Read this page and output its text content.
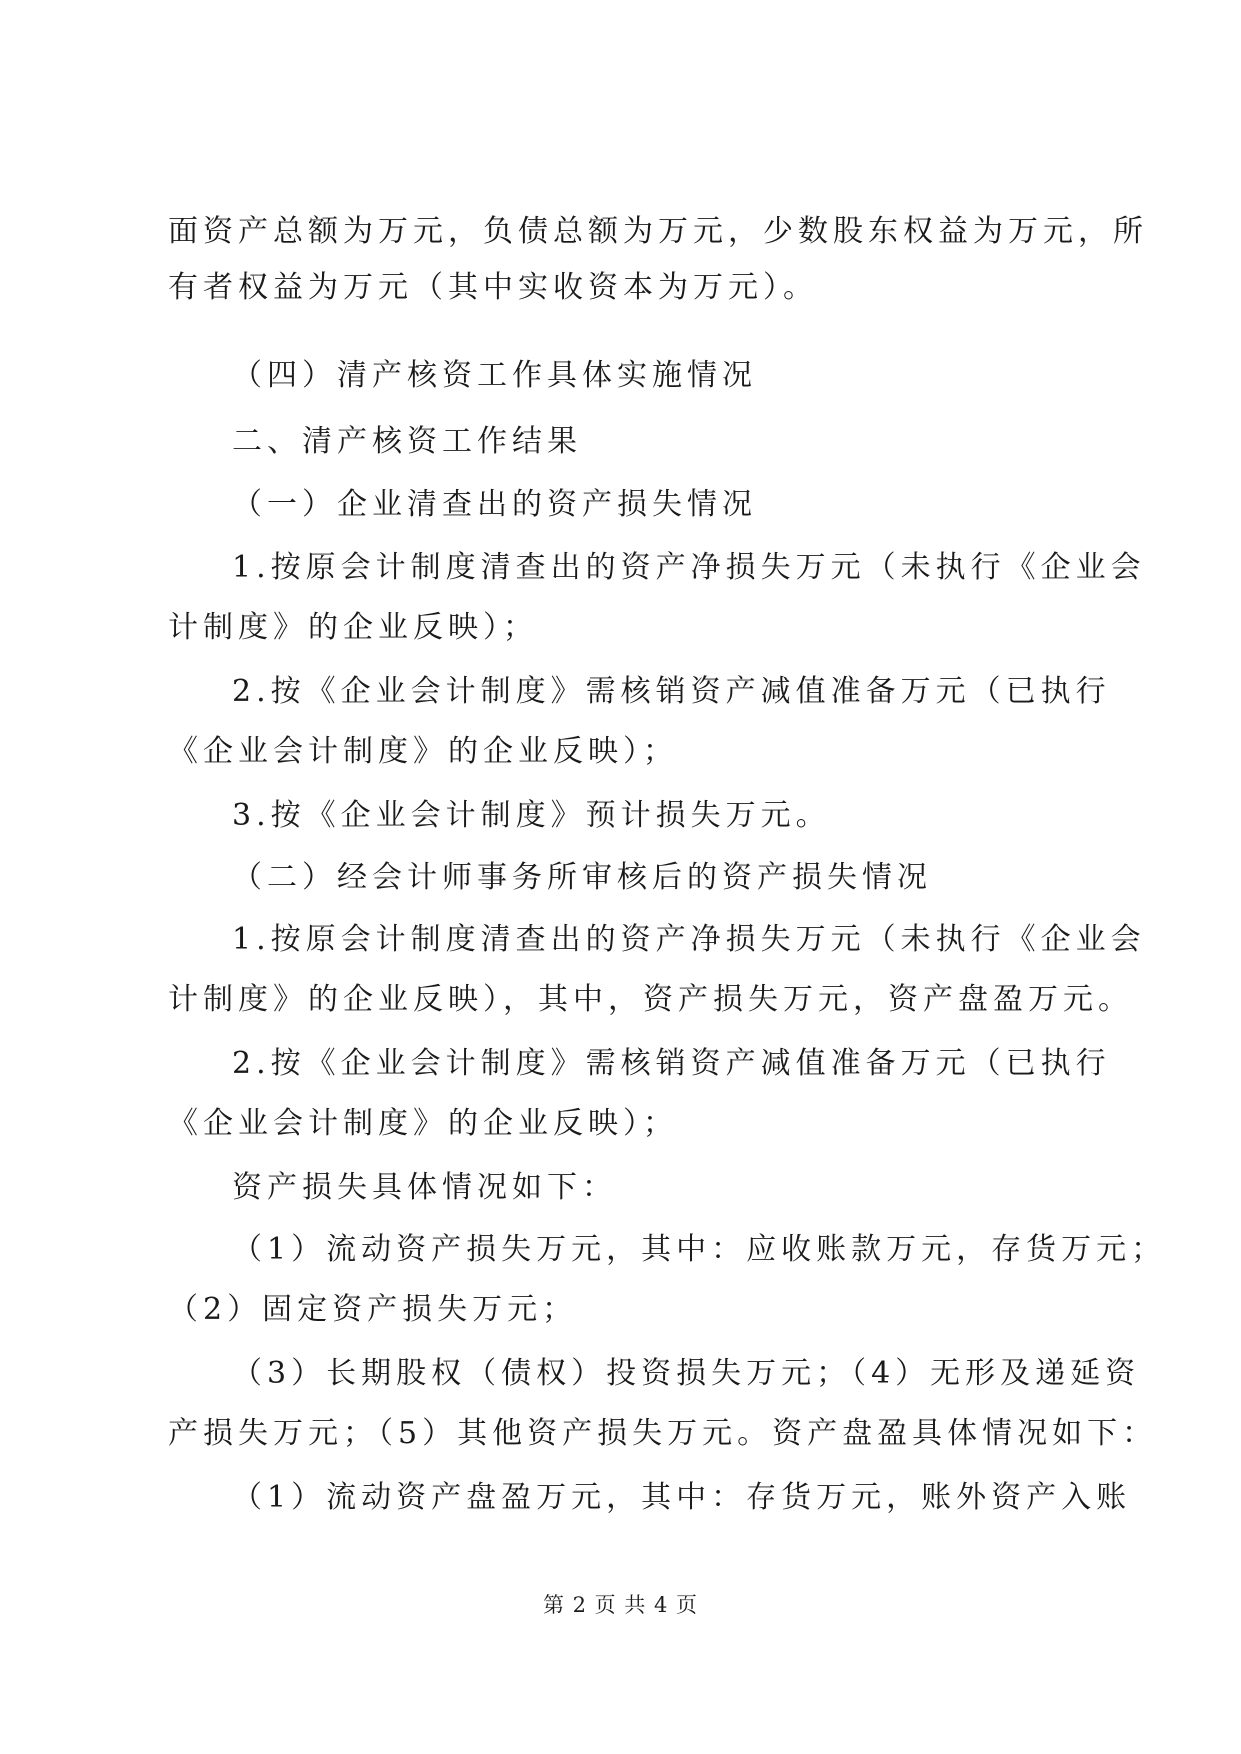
面资产总额为万元，负债总额为万元，少数股东权益为万元，所
有者权益为万元（其中实收资本为万元）。
（四）清产核资工作具体实施情况
二、清产核资工作结果
（一）企业清查出的资产损失情况
1.按原会计制度清查出的资产净损失万元（未执行《企业会
计制度》的企业反映）；
2.按《企业会计制度》需核销资产减值准备万元（已执行
《企业会计制度》的企业反映）；
3.按《企业会计制度》预计损失万元。
（二）经会计师事务所审核后的资产损失情况
1.按原会计制度清查出的资产净损失万元（未执行《企业会
计制度》的企业反映），其中，资产损失万元，资产盘盈万元。
2.按《企业会计制度》需核销资产减值准备万元（已执行
《企业会计制度》的企业反映）；
资产损失具体情况如下：
（1）流动资产损失万元，其中：应收账款万元，存货万元；
（2）固定资产损失万元；
（3）长期股权（债权）投资损失万元；（4）无形及递延资
产损失万元；（5）其他资产损失万元。资产盘盈具体情况如下：
（1）流动资产盘盈万元，其中：存货万元，账外资产入账
第 2 页 共 4 页
